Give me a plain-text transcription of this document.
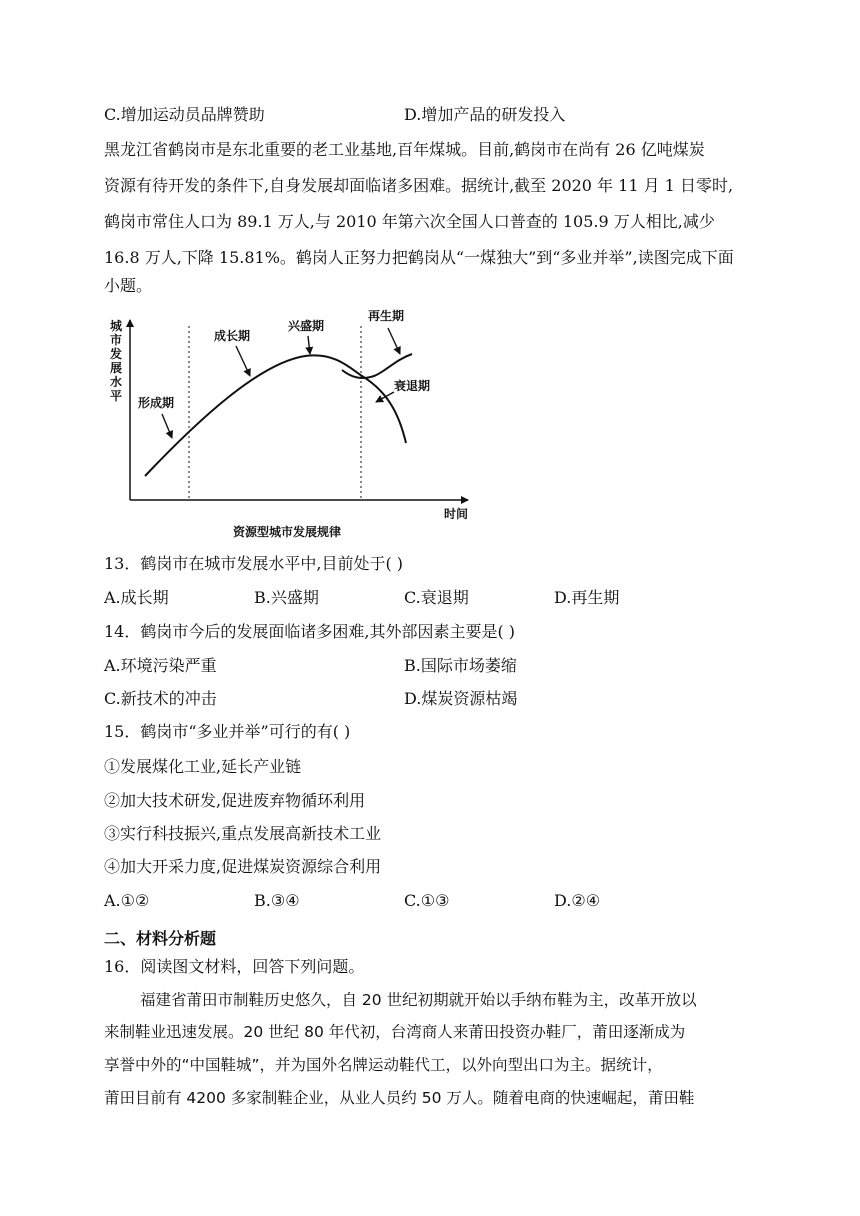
C.增加运动员品牌赞助	D.增加产品的研发投入
黑龙江省鹤岗市是东北重要的老工业基地,百年煤城。目前,鹤岗市在尚有 26 亿吨煤炭
资源有待开发的条件下,自身发展却面临诸多困难。据统计,截至 2020 年 11 月 1 日零时,
鹤岗市常住人口为 89.1 万人,与 2010 年第六次全国人口普查的 105.9 万人相比,减少
16.8 万人,下降 15.81%。鹤岗人正努力把鹤岗从“一煤独大”到“多业并举”,读图完成下面
小题。
城 市 发 展 水 平	形成期
成长期
兴盛期
再生期
衰退期
时间
资源型城市发展规律
13．鹤岗市在城市发展水平中,目前处于( )
A.成长期	B.兴盛期	C.衰退期	D.再生期
14．鹤岗市今后的发展面临诸多困难,其外部因素主要是( )
A.环境污染严重	B.国际市场萎缩
C.新技术的冲击	D.煤炭资源枯竭
15．鹤岗市“多业并举”可行的有( )
①发展煤化工业,延长产业链
②加大技术研发,促进废弃物循环利用
③实行科技振兴,重点发展高新技术工业
④加大开采力度,促进煤炭资源综合利用
A.①②	B.③④	C.①③	D.②④
二、材料分析题
16．阅读图文材料，回答下列问题。
福建省莆田市制鞋历史悠久，自 20 世纪初期就开始以手纳布鞋为主，改革开放以
来制鞋业迅速发展。20 世纪 80 年代初，台湾商人来莆田投资办鞋厂，莆田逐渐成为
享誉中外的“中国鞋城”，并为国外名牌运动鞋代工，以外向型出口为主。据统计，
莆田目前有 4200 多家制鞋企业，从业人员约 50 万人。随着电商的快速崛起，莆田鞋
